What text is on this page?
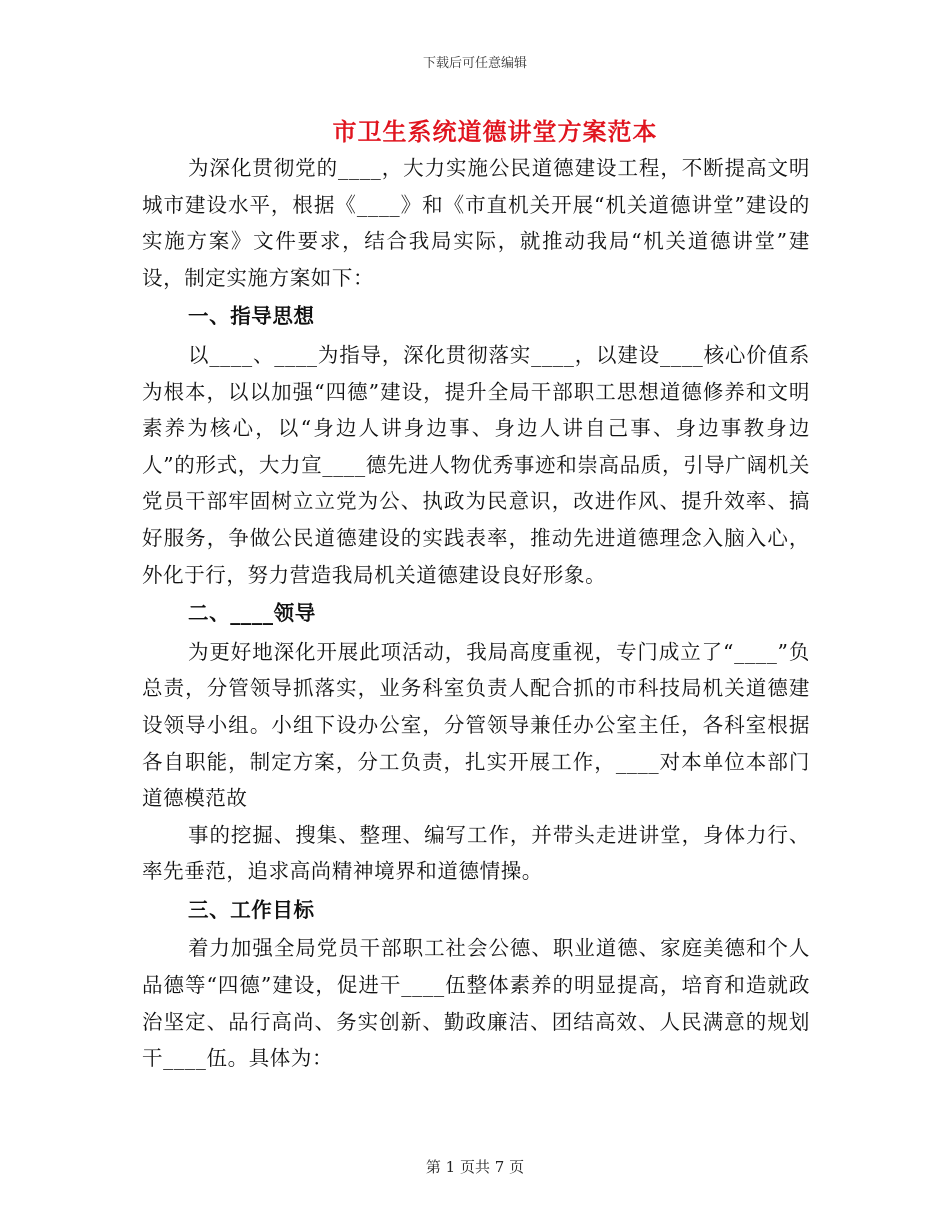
下载后可任意编辑
市卫生系统道德讲堂方案范本

为深化贯彻党的____，大力实施公民道德建设工程，不断提高文明城市建设水平，根据《____》和《市直机关开展“机关道德讲堂”建设的实施方案》文件要求，结合我局实际，就推动我局“机关道德讲堂”建设，制定实施方案如下：

一、指导思想

以____、____为指导，深化贯彻落实____，以建设____核心价值系为根本，以以加强“四德”建设，提升全局干部职工思想道德修养和文明素养为核心，以“身边人讲身边事、身边人讲自己事、身边事教身边人”的形式，大力宣____德先进人物优秀事迹和崇高品质，引导广阔机关党员干部牢固树立立党为公、执政为民意识，改进作风、提升效率、搞好服务，争做公民道德建设的实践表率，推动先进道德理念入脑入心，外化于行，努力营造我局机关道德建设良好形象。

二、____领导

为更好地深化开展此项活动，我局高度重视，专门成立了“____”负总责，分管领导抓落实，业务科室负责人配合抓的市科技局机关道德建设领导小组。小组下设办公室，分管领导兼任办公室主任，各科室根据各自职能，制定方案，分工负责，扎实开展工作，____对本单位本部门道德模范故

事的挖掘、搜集、整理、编写工作，并带头走进讲堂，身体力行、率先垂范，追求高尚精神境界和道德情操。

三、工作目标

着力加强全局党员干部职工社会公德、职业道德、家庭美德和个人品德等“四德”建设，促进干____伍整体素养的明显提高，培育和造就政治坚定、品行高尚、务实创新、勤政廉洁、团结高效、人民满意的规划干____伍。具体为：

第 1 页共 7 页
